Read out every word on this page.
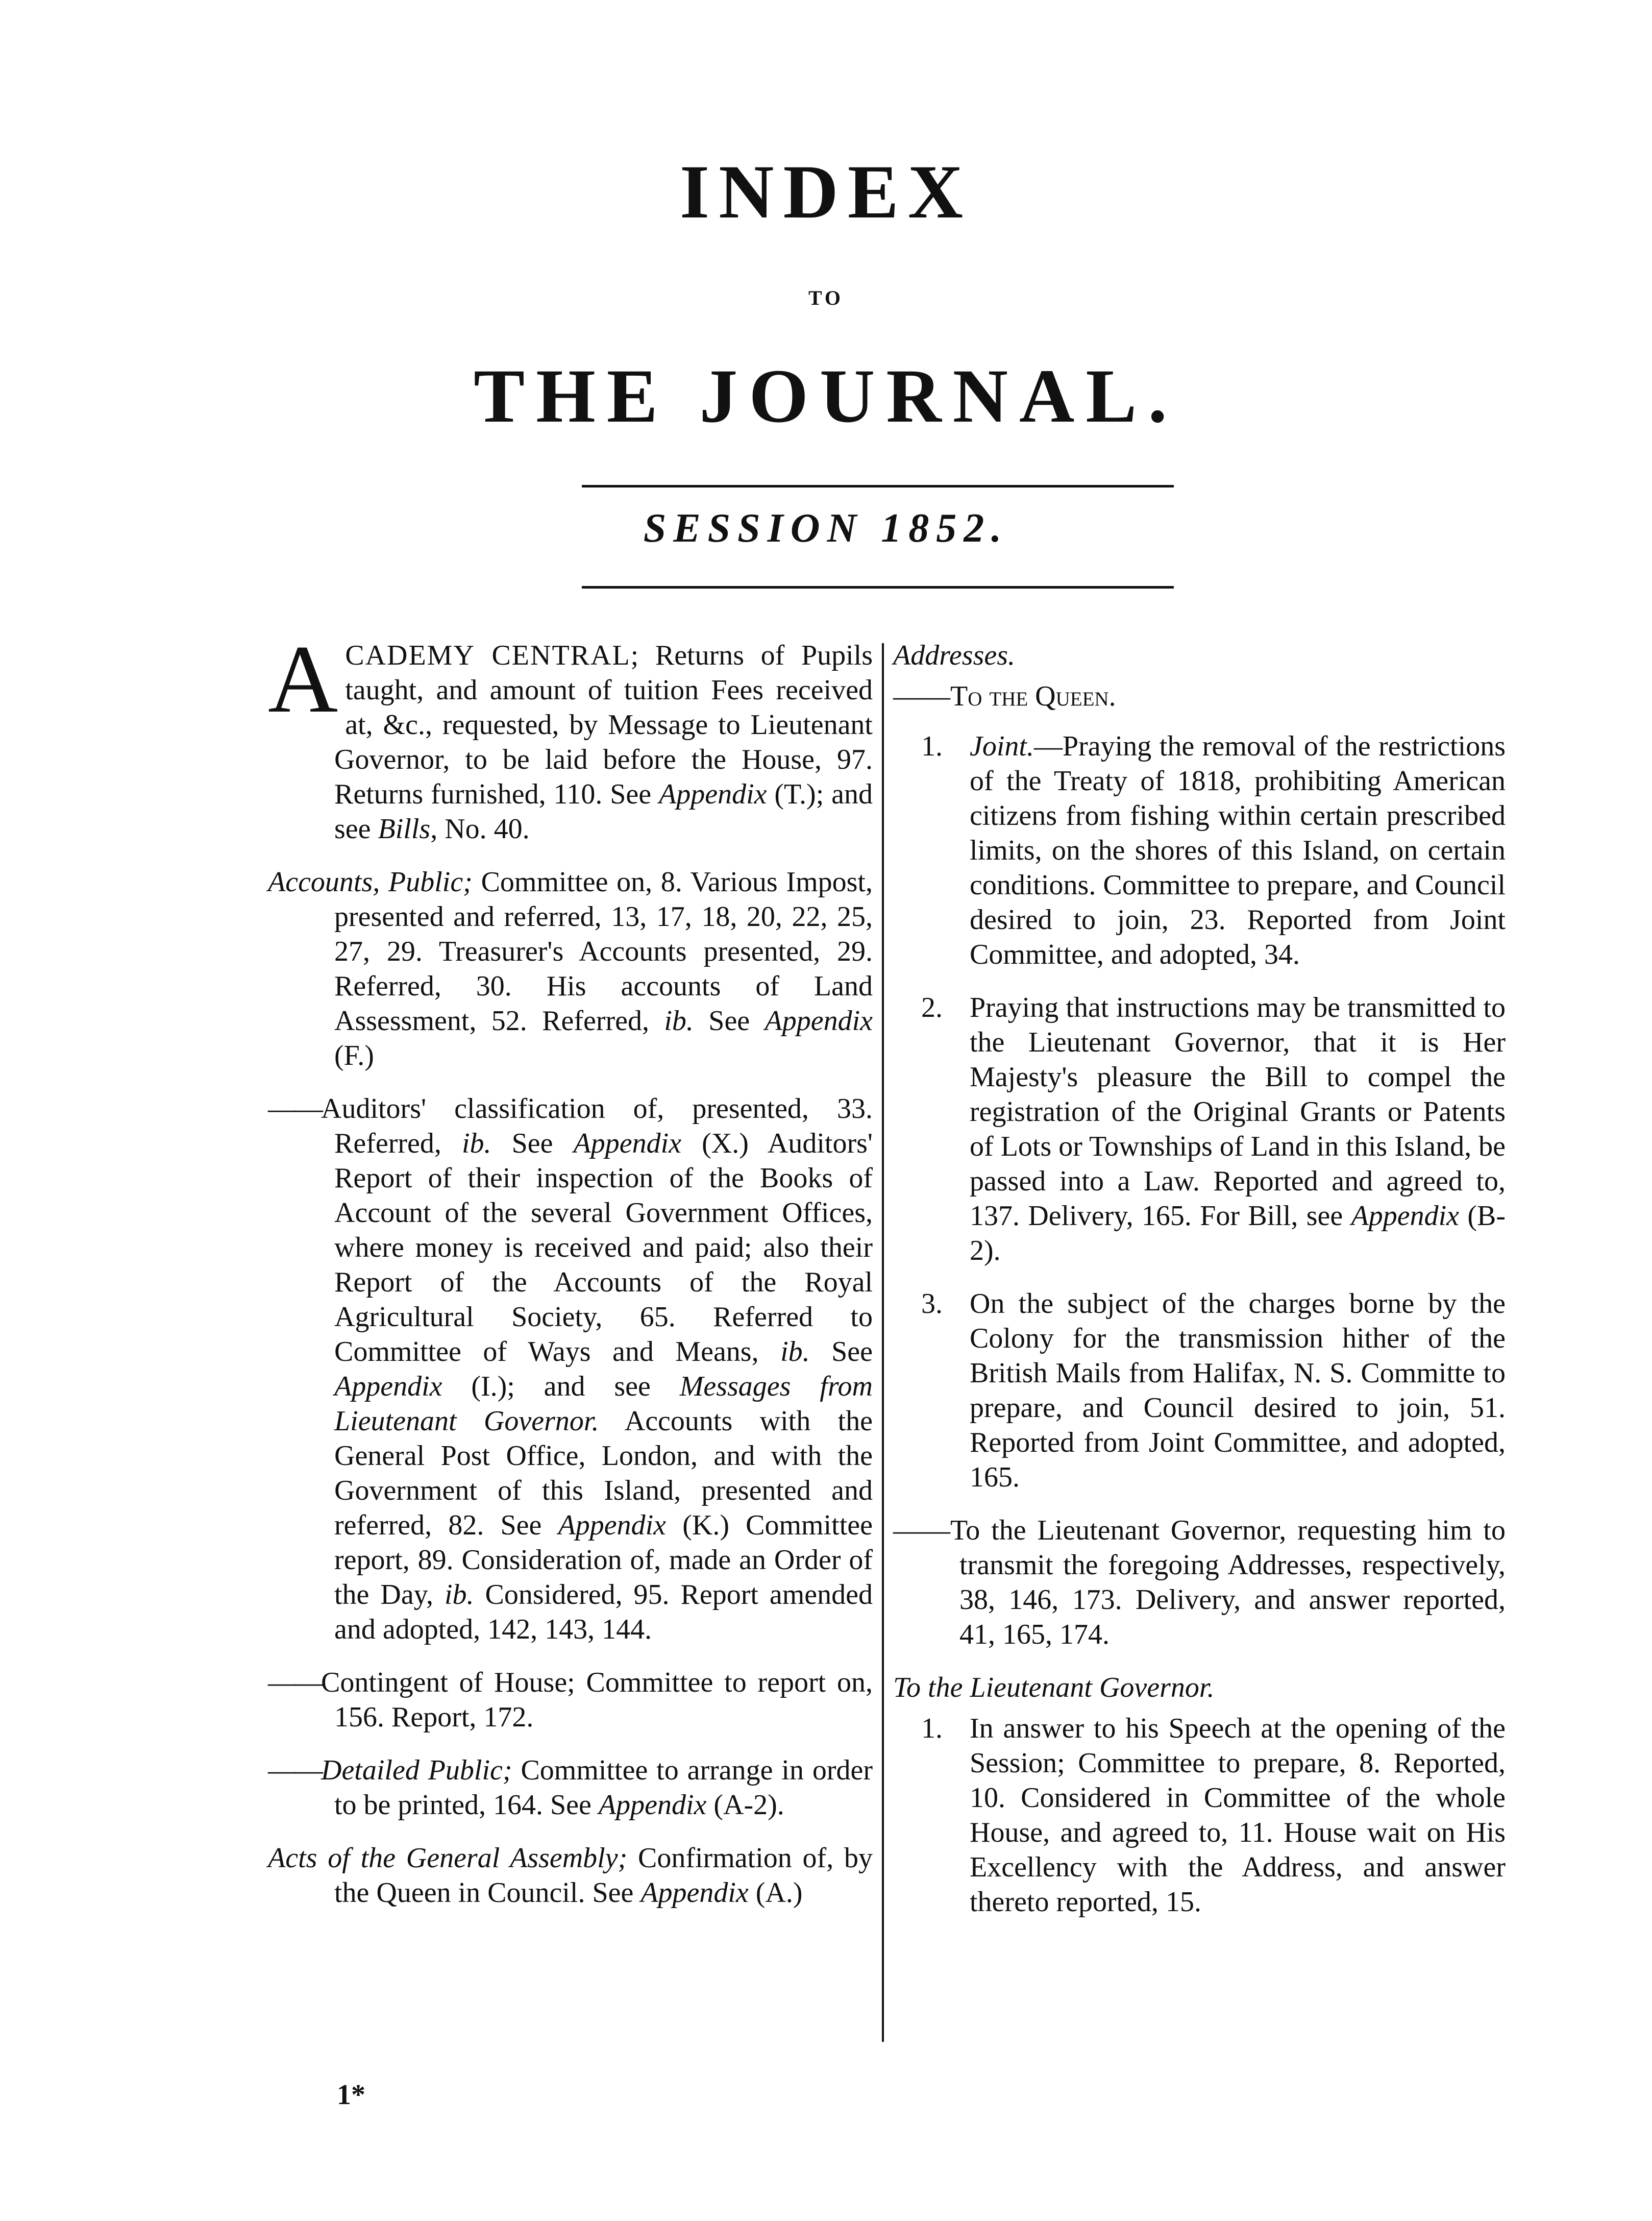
INDEX
TO
THE JOURNAL.
SESSION 1852.

ACADEMY CENTRAL; Returns of Pupils taught, and amount of tuition Fees received at, &c., requested, by Message to Lieutenant Governor, to be laid before the House, 97. Returns furnished, 110. See Appendix (T.); and see Bills, No. 40.

Accounts, Public; Committee on, 8. Various Impost, presented and referred, 13, 17, 18, 20, 22, 25, 27, 29. Treasurer's Accounts presented, 29. Referred, 30. His accounts of Land Assessment, 52. Referred, ib. See Appendix (F.)

——Auditors' classification of, presented, 33. Referred, ib. See Appendix (X.) Auditors' Report of their inspection of the Books of Account of the several Government Offices, where money is received and paid; also their Report of the Accounts of the Royal Agricultural Society, 65. Referred to Committee of Ways and Means, ib. See Appendix (I.); and see Messages from Lieutenant Governor. Accounts with the General Post Office, London, and with the Government of this Island, presented and referred, 82. See Appendix (K.) Committee report, 89. Consideration of, made an Order of the Day, ib. Considered, 95. Report amended and adopted, 142, 143, 144.

——Contingent of House; Committee to report on, 156. Report, 172.

——Detailed Public; Committee to arrange in order to be printed, 164. See Appendix (A-2).

Acts of the General Assembly; Confirmation of, by the Queen in Council. See Appendix (A.)

1*

Addresses.

——To the Queen.

1. Joint.—Praying the removal of the restrictions of the Treaty of 1818, prohibiting American citizens from fishing within certain prescribed limits, on the shores of this Island, on certain conditions. Committee to prepare, and Council desired to join, 23. Reported from Joint Committee, and adopted, 34.

2. Praying that instructions may be transmitted to the Lieutenant Governor, that it is Her Majesty's pleasure the Bill to compel the registration of the Original Grants or Patents of Lots or Townships of Land in this Island, be passed into a Law. Reported and agreed to, 137. Delivery, 165. For Bill, see Appendix (B-2).

3. On the subject of the charges borne by the Colony for the transmission hither of the British Mails from Halifax, N. S. Committe to prepare, and Council desired to join, 51. Reported from Joint Committee, and adopted, 165.

——To the Lieutenant Governor, requesting him to transmit the foregoing Addresses, respectively, 38, 146, 173. Delivery, and answer reported, 41, 165, 174.

To the Lieutenant Governor.

1. In answer to his Speech at the opening of the Session; Committee to prepare, 8. Reported, 10. Considered in Committee of the whole House, and agreed to, 11. House wait on His Excellency with the Address, and answer thereto reported, 15.
